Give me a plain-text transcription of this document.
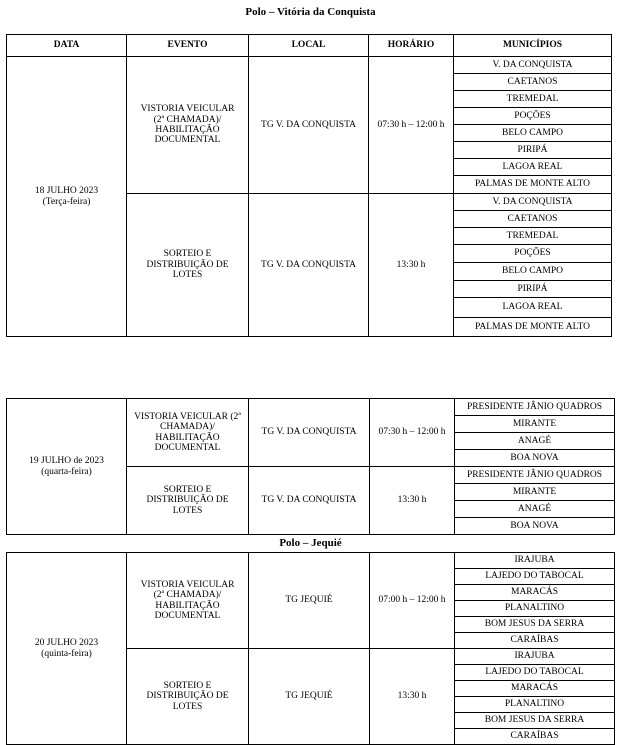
Polo – Vitória da Conquista
DATA	EVENTO	LOCAL	HORÁRIO	MUNICÍPIOS
18 JULHO 2023
(Terça-feira)	VISTORIA VEICULAR
(2ª CHAMADA)/
HABILITAÇÃO
DOCUMENTAL	TG V. DA CONQUISTA	07:30 h – 12:00 h	V. DA CONQUISTA
				CAETANOS
				TREMEDAL
				POÇÕES
				BELO CAMPO
				PIRIPÁ
				LAGOA REAL
				PALMAS DE MONTE ALTO
	SORTEIO E
DISTRIBUIÇÃO DE
LOTES	TG V. DA CONQUISTA	13:30 h	V. DA CONQUISTA
				CAETANOS
				TREMEDAL
				POÇÕES
				BELO CAMPO
				PIRIPÁ
				LAGOA REAL
				PALMAS DE MONTE ALTO
19 JULHO de 2023
(quarta-feira)	VISTORIA VEICULAR (2ª
CHAMADA)/
HABILITAÇÃO
DOCUMENTAL	TG V. DA CONQUISTA	07:30 h – 12:00 h	PRESIDENTE JÂNIO QUADROS
				MIRANTE
				ANAGÉ
				BOA NOVA
	SORTEIO E
DISTRIBUIÇÃO DE
LOTES	TG V. DA CONQUISTA	13:30 h	PRESIDENTE JÂNIO QUADROS
				MIRANTE
				ANAGÉ
				BOA NOVA
Polo – Jequié
20 JULHO 2023
(quinta-feira)	VISTORIA VEICULAR
(2ª CHAMADA)/
HABILITAÇÃO
DOCUMENTAL	TG JEQUIÉ	07:00 h – 12:00 h	IRAJUBA
				LAJEDO DO TABOCAL
				MARACÁS
				PLANALTINO
				BOM JESUS DA SERRA
				CARAÍBAS
	SORTEIO E
DISTRIBUIÇÃO DE
LOTES	TG JEQUIÉ	13:30 h	IRAJUBA
				LAJEDO DO TABOCAL
				MARACÁS
				PLANALTINO
				BOM JESUS DA SERRA
				CARAÍBAS
